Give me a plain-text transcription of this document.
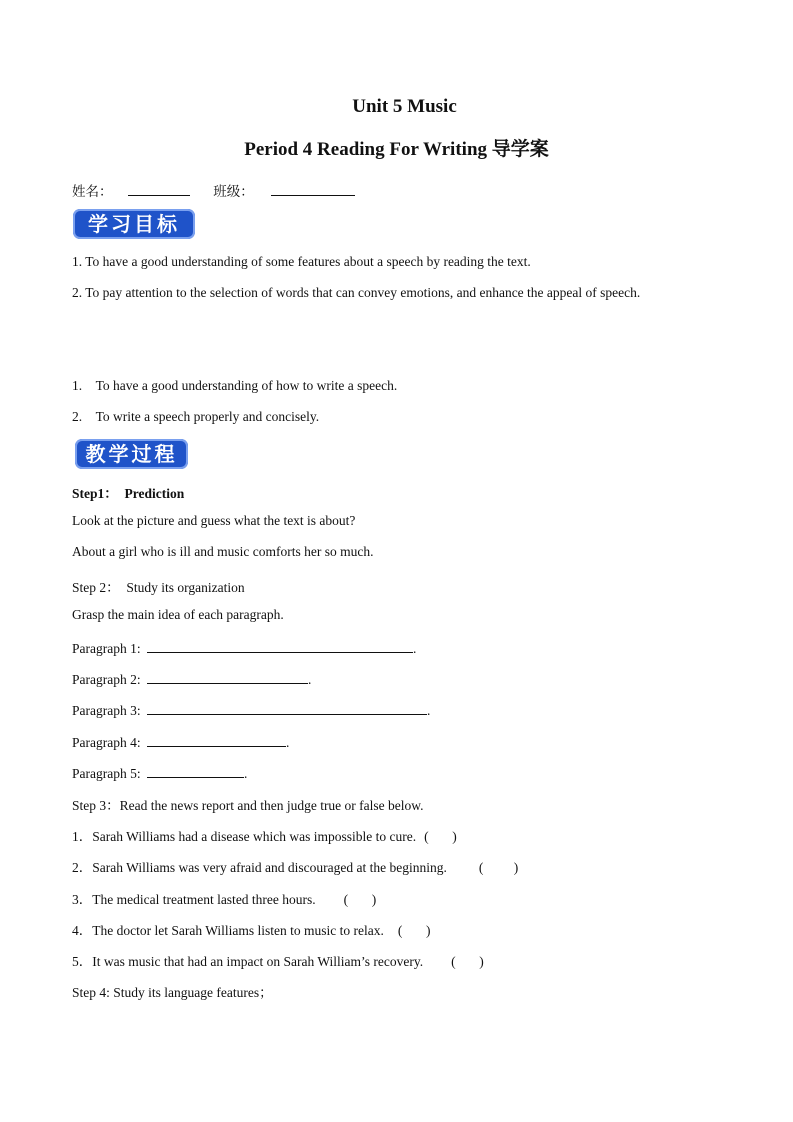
Unit 5 Music
Period 4 Reading For Writing 导学案
姓名：	班级：
学习目标
1. To have a good understanding of some features about a speech by reading the text.
2. To pay attention to the selection of words that can convey emotions, and enhance the appeal of speech.
1.    To have a good understanding of how to write a speech.
2.    To write a speech properly and concisely.
教学过程
Step1：  Prediction
Look at the picture and guess what the text is about?
About a girl who is ill and music comforts her so much.
Step 2：  Study its organization
Grasp the main idea of each paragraph.
Paragraph 1:	.
Paragraph 2:	.
Paragraph 3:	.
Paragraph 4:	.
Paragraph 5:	.
Step 3：Read the news report and then judge true or false below.
1．Sarah Williams had a disease which was impossible to cure. (       )
2．Sarah Williams was very afraid and discouraged at the beginning. (         )
3．The medical treatment lasted three hours. (       )
4．The doctor let Sarah Williams listen to music to relax. (       )
5．It was music that had an impact on Sarah William’s recovery. (       )
Step 4: Study its language features；
